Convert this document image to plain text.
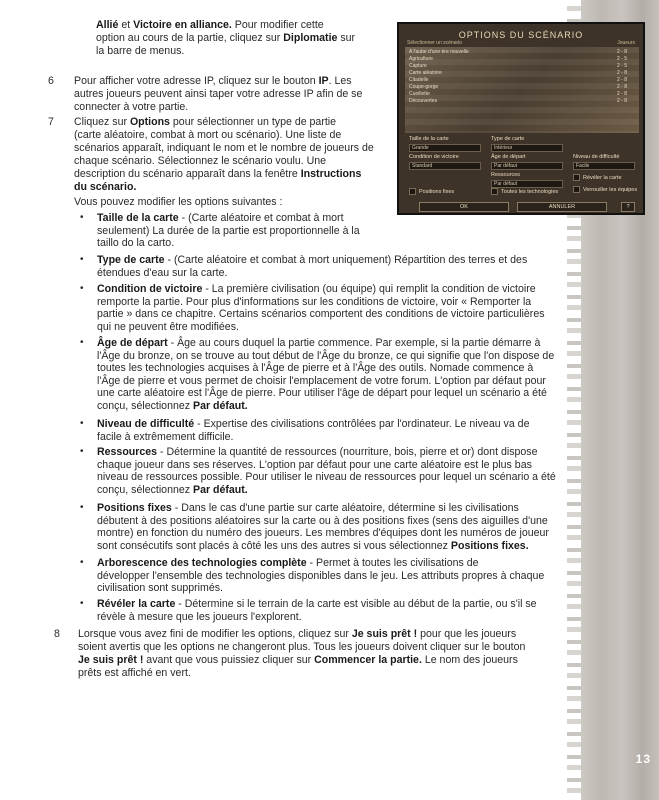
13
OPTIONS DU SCÉNARIO
Sélectionner un scénario	Joueurs
A l'aube d'une ère nouvelle	2 - 8
Agriculture	2 - 5
Capture	2 - 5
Carte aléatoire	2 - 8
Citadelle	2 - 8
Coupe-gorge	2 - 8
Cueillette	2 - 8
Découvertes	2 - 8
Taille de la carte	Type de carte
Grande	Intérieur
Condition de victoire	Âge de départ	Niveau de difficulté
Standard	Par défaut	Facile
Ressources
Par défaut
Positions fixes	Toutes les technologies
Révéler la carte
Verrouiller les équipes
OK	ANNULER	?
Allié et Victoire en alliance. Pour modifier cette
option au cours de la partie, cliquez sur Diplomatie sur
la barre de menus.
6 Pour afficher votre adresse IP, cliquez sur le bouton IP. Les
autres joueurs peuvent ainsi taper votre adresse IP afin de se
connecter à votre partie.
7 Cliquez sur Options pour sélectionner un type de partie
(carte aléatoire, combat à mort ou scénario). Une liste de
scénarios apparaît, indiquant le nom et le nombre de joueurs de
chaque scénario. Sélectionnez le scénario voulu. Une
description du scénario apparaît dans la fenêtre Instructions
du scénario.
Vous pouvez modifier les options suivantes :
• Taille de la carte - (Carte aléatoire et combat à mort
seulement) La durée de la partie est proportionnelle à la
taillo do la carto.
• Type de carte - (Carte aléatoire et combat à mort uniquement) Répartition des terres et des
étendues d'eau sur la carte.
• Condition de victoire - La première civilisation (ou équipe) qui remplit la condition de victoire
remporte la partie. Pour plus d'informations sur les conditions de victoire, voir « Remporter la
partie » dans ce chapitre. Certains scénarios comportent des conditions de victoire particulières
qui ne peuvent être modifiées.
• Âge de départ - Âge au cours duquel la partie commence. Par exemple, si la partie démarre à
l'Âge du bronze, on se trouve au tout début de l'Âge du bronze, ce qui signifie que l'on dispose de
toutes les technologies acquises à l'Âge de pierre et à l'Âge des outils. Nomade commence à
l'Âge de pierre et vous permet de choisir l'emplacement de votre forum. L'option par défaut pour
une carte aléatoire est l'Âge de pierre. Pour utiliser l'âge de départ pour lequel un scénario a été
conçu, sélectionnez Par défaut.
• Niveau de difficulté - Expertise des civilisations contrôlées par l'ordinateur. Le niveau va de
facile à extrêmement difficile.
• Ressources - Détermine la quantité de ressources (nourriture, bois, pierre et or) dont dispose
chaque joueur dans ses réserves. L'option par défaut pour une carte aléatoire est le plus bas
niveau de ressources possible. Pour utiliser le niveau de ressources pour lequel un scénario a été
conçu, sélectionnez Par défaut.
• Positions fixes - Dans le cas d'une partie sur carte aléatoire, détermine si les civilisations
débutent à des positions aléatoires sur la carte ou à des positions fixes (sens des aiguilles d'une
montre) en fonction du numéro des joueurs. Les membres d'équipes dont les numéros de joueur
sont consécutifs sont placés à côté les uns des autres si vous sélectionnez Positions fixes.
• Arborescence des technologies complète - Permet à toutes les civilisations de
développer l'ensemble des technologies disponibles dans le jeu. Les attributs propres à chaque
civilisation sont supprimés.
• Révéler la carte - Détermine si le terrain de la carte est visible au début de la partie, ou s'il se
révèle à mesure que les joueurs l'explorent.
8 Lorsque vous avez fini de modifier les options, cliquez sur Je suis prêt ! pour que les joueurs
soient avertis que les options ne changeront plus. Tous les joueurs doivent cliquer sur le bouton
Je suis prêt ! avant que vous puissiez cliquer sur Commencer la partie. Le nom des joueurs
prêts est affiché en vert.
